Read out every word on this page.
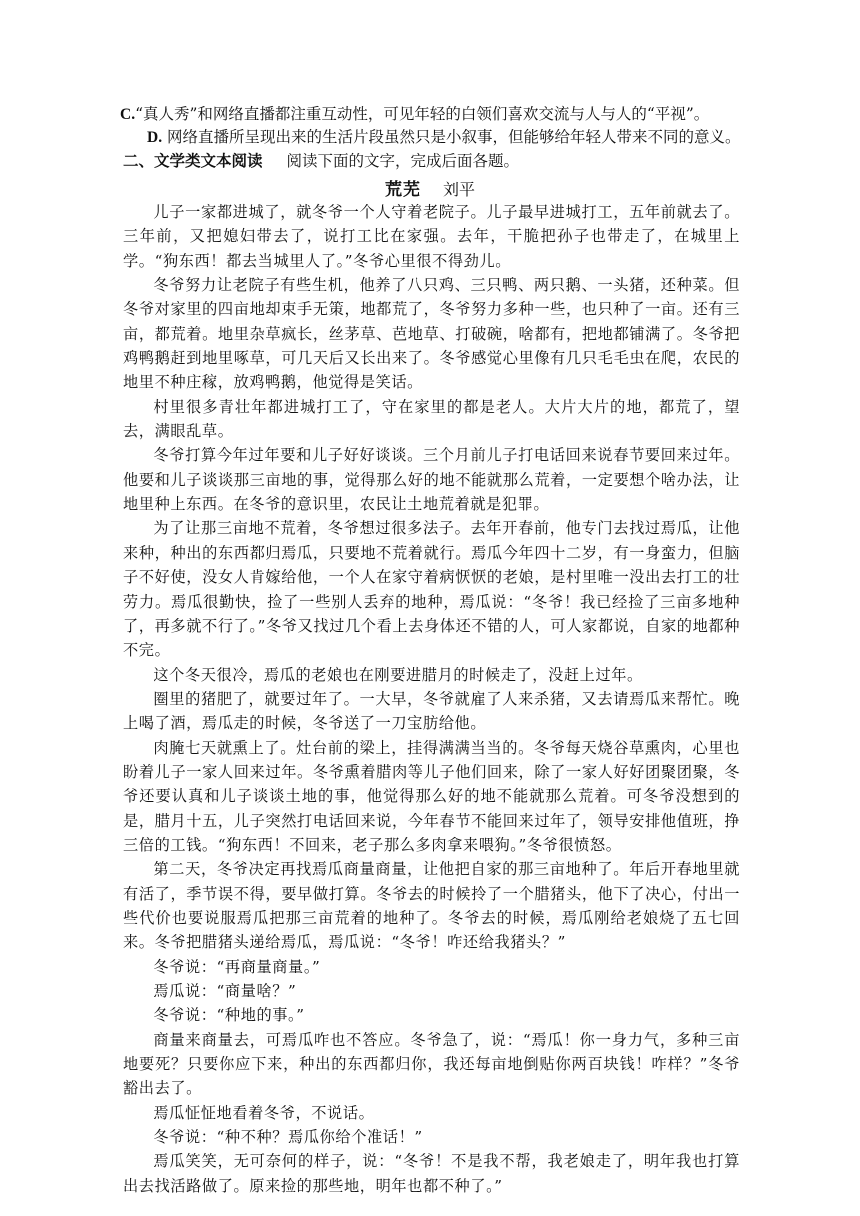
C.“真人秀”和网络直播都注重互动性，可见年轻的白领们喜欢交流与人与人的“平视”。
D. 网络直播所呈现出来的生活片段虽然只是小叙事，但能够给年轻人带来不同的意义。
二、文学类文本阅读 阅读下面的文字，完成后面各题。
荒芜 刘平

儿子一家都进城了，就冬爷一个人守着老院子。儿子最早进城打工，五年前就去了。三年前，又把媳妇带去了，说打工比在家强。去年，干脆把孙子也带走了，在城里上学。“狗东西！都去当城里人了。”冬爷心里很不得劲儿。

冬爷努力让老院子有些生机，他养了八只鸡、三只鸭、两只鹅、一头猪，还种菜。但冬爷对家里的四亩地却束手无策，地都荒了，冬爷努力多种一些，也只种了一亩。还有三亩，都荒着。地里杂草疯长，丝茅草、芭地草、打破碗，啥都有，把地都铺满了。冬爷把鸡鸭鹅赶到地里啄草，可几天后又长出来了。冬爷感觉心里像有几只毛毛虫在爬，农民的地里不种庄稼，放鸡鸭鹅，他觉得是笑话。

村里很多青壮年都进城打工了，守在家里的都是老人。大片大片的地，都荒了，望去，满眼乱草。

冬爷打算今年过年要和儿子好好谈谈。三个月前儿子打电话回来说春节要回来过年。他要和儿子谈谈那三亩地的事，觉得那么好的地不能就那么荒着，一定要想个啥办法，让地里种上东西。在冬爷的意识里，农民让土地荒着就是犯罪。

为了让那三亩地不荒着，冬爷想过很多法子。去年开春前，他专门去找过焉瓜，让他来种，种出的东西都归焉瓜，只要地不荒着就行。焉瓜今年四十二岁，有一身蛮力，但脑子不好使，没女人肯嫁给他，一个人在家守着病恹恹的老娘，是村里唯一没出去打工的壮劳力。焉瓜很勤快，捡了一些别人丢弃的地种，焉瓜说：“冬爷！我已经捡了三亩多地种了，再多就不行了。”冬爷又找过几个看上去身体还不错的人，可人家都说，自家的地都种不完。

这个冬天很冷，焉瓜的老娘也在刚要进腊月的时候走了，没赶上过年。

圈里的猪肥了，就要过年了。一大早，冬爷就雇了人来杀猪，又去请焉瓜来帮忙。晚上喝了酒，焉瓜走的时候，冬爷送了一刀宝肪给他。

肉腌七天就熏上了。灶台前的梁上，挂得满满当当的。冬爷每天烧谷草熏肉，心里也盼着儿子一家人回来过年。冬爷熏着腊肉等儿子他们回来，除了一家人好好团聚团聚，冬爷还要认真和儿子谈谈土地的事，他觉得那么好的地不能就那么荒着。可冬爷没想到的是，腊月十五，儿子突然打电话回来说，今年春节不能回来过年了，领导安排他值班，挣三倍的工钱。“狗东西！不回来，老子那么多肉拿来喂狗。”冬爷很愤怒。

第二天，冬爷决定再找焉瓜商量商量，让他把自家的那三亩地种了。年后开春地里就有活了，季节误不得，要早做打算。冬爷去的时候拎了一个腊猪头，他下了决心，付出一些代价也要说服焉瓜把那三亩荒着的地种了。冬爷去的时候，焉瓜刚给老娘烧了五七回来。冬爷把腊猪头递给焉瓜，焉瓜说：“冬爷！咋还给我猪头？”

冬爷说：“再商量商量。”

焉瓜说：“商量啥？”

冬爷说：“种地的事。”

商量来商量去，可焉瓜咋也不答应。冬爷急了，说：“焉瓜！你一身力气，多种三亩地要死？只要你应下来，种出的东西都归你，我还每亩地倒贴你两百块钱！咋样？”冬爷豁出去了。

焉瓜怔怔地看着冬爷，不说话。

冬爷说：“种不种？焉瓜你给个准话！”

焉瓜笑笑，无可奈何的样子，说：“冬爷！不是我不帮，我老娘走了，明年我也打算出去找活路做了。原来捡的那些地，明年也都不种了。”
